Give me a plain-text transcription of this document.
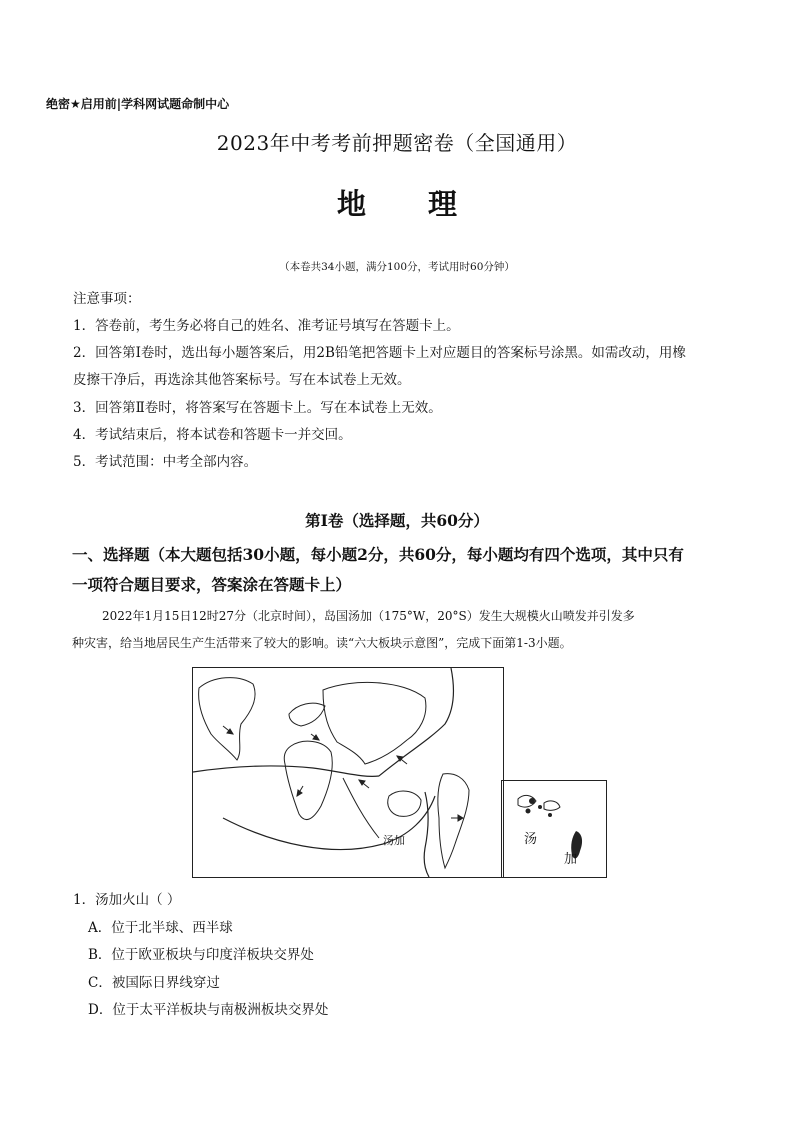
绝密★启用前|学科网试题命制中心
2023年中考考前押题密卷（全国通用）
地 理
（本卷共34小题，满分100分，考试用时60分钟）
注意事项：
1．答卷前，考生务必将自己的姓名、准考证号填写在答题卡上。
2．回答第Ⅰ卷时，选出每小题答案后，用2B铅笔把答题卡上对应题目的答案标号涂黑。如需改动，用橡
皮擦干净后，再选涂其他答案标号。写在本试卷上无效。
3．回答第Ⅱ卷时，将答案写在答题卡上。写在本试卷上无效。
4．考试结束后，将本试卷和答题卡一并交回。
5．考试范围：中考全部内容。
第Ⅰ卷（选择题，共60分）
一、选择题（本大题包括30小题，每小题2分，共60分，每小题均有四个选项，其中只有
一项符合题目要求，答案涂在答题卡上）
2022年1月15日12时27分（北京时间），岛国汤加（175°W，20°S）发生大规模火山喷发并引发多
种灾害，给当地居民生产生活带来了较大的影响。读“六大板块示意图”，完成下面第1-3小题。
汤加	汤
加
1．汤加火山（ ）
A．位于北半球、西半球
B．位于欧亚板块与印度洋板块交界处
C．被国际日界线穿过
D．位于太平洋板块与南极洲板块交界处
